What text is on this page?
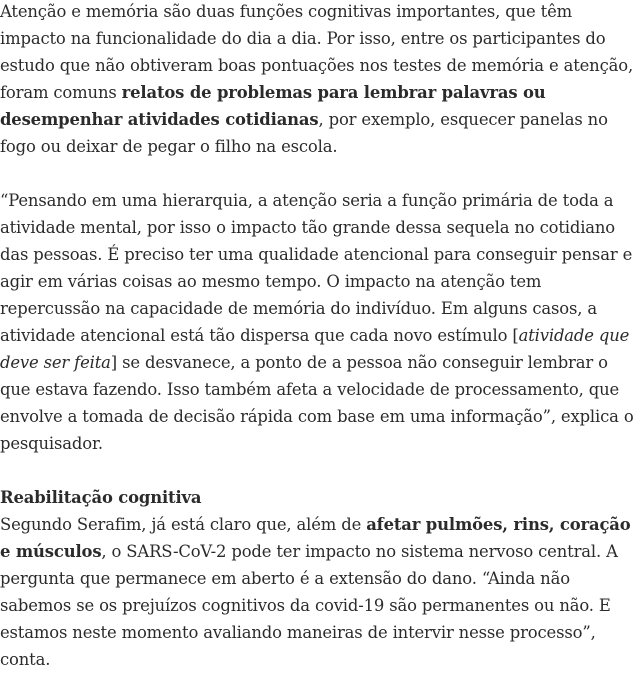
Atenção e memória são duas funções cognitivas importantes, que têm impacto na funcionalidade do dia a dia. Por isso, entre os participantes do estudo que não obtiveram boas pontuações nos testes de memória e atenção, foram comuns relatos de problemas para lembrar palavras ou desempenhar atividades cotidianas, por exemplo, esquecer panelas no fogo ou deixar de pegar o filho na escola.

“Pensando em uma hierarquia, a atenção seria a função primária de toda a atividade mental, por isso o impacto tão grande dessa sequela no cotidiano das pessoas. É preciso ter uma qualidade atencional para conseguir pensar e agir em várias coisas ao mesmo tempo. O impacto na atenção tem repercussão na capacidade de memória do indivíduo. Em alguns casos, a atividade atencional está tão dispersa que cada novo estímulo [atividade que deve ser feita] se desvanece, a ponto de a pessoa não conseguir lembrar o que estava fazendo. Isso também afeta a velocidade de processamento, que envolve a tomada de decisão rápida com base em uma informação”, explica o pesquisador.

Reabilitação cognitiva

Segundo Serafim, já está claro que, além de afetar pulmões, rins, coração e músculos, o SARS-CoV-2 pode ter impacto no sistema nervoso central. A pergunta que permanece em aberto é a extensão do dano. “Ainda não sabemos se os prejuízos cognitivos da covid-19 são permanentes ou não. E estamos neste momento avaliando maneiras de intervir nesse processo”, conta.
